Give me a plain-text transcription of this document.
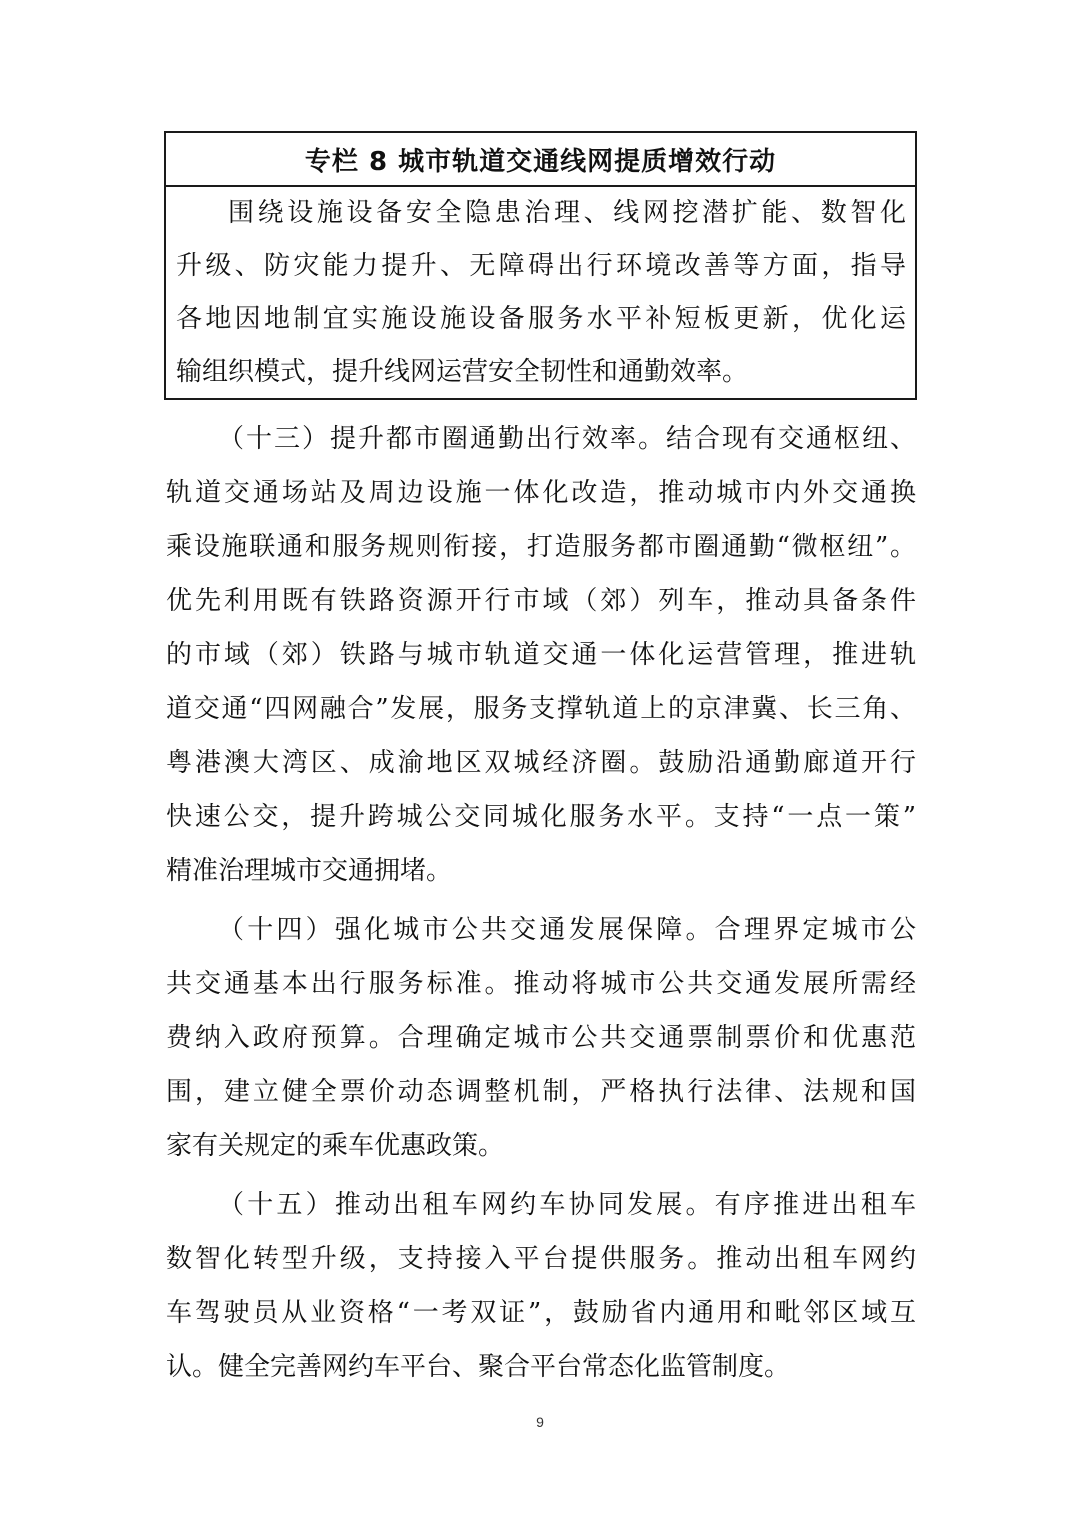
专栏 8 城市轨道交通线网提质增效行动
围绕设施设备安全隐患治理、线网挖潜扩能、数智化
升级、防灾能力提升、无障碍出行环境改善等方面，指导
各地因地制宜实施设施设备服务水平补短板更新，优化运
输组织模式，提升线网运营安全韧性和通勤效率。
（十三）提升都市圈通勤出行效率。结合现有交通枢纽、
轨道交通场站及周边设施一体化改造，推动城市内外交通换
乘设施联通和服务规则衔接，打造服务都市圈通勤“微枢纽”。
优先利用既有铁路资源开行市域（郊）列车，推动具备条件
的市域（郊）铁路与城市轨道交通一体化运营管理，推进轨
道交通“四网融合”发展，服务支撑轨道上的京津冀、长三角、
粤港澳大湾区、成渝地区双城经济圈。鼓励沿通勤廊道开行
快速公交，提升跨城公交同城化服务水平。支持“一点一策”
精准治理城市交通拥堵。
（十四）强化城市公共交通发展保障。合理界定城市公
共交通基本出行服务标准。推动将城市公共交通发展所需经
费纳入政府预算。合理确定城市公共交通票制票价和优惠范
围，建立健全票价动态调整机制，严格执行法律、法规和国
家有关规定的乘车优惠政策。
（十五）推动出租车网约车协同发展。有序推进出租车
数智化转型升级，支持接入平台提供服务。推动出租车网约
车驾驶员从业资格“一考双证”，鼓励省内通用和毗邻区域互
认。健全完善网约车平台、聚合平台常态化监管制度。
9
